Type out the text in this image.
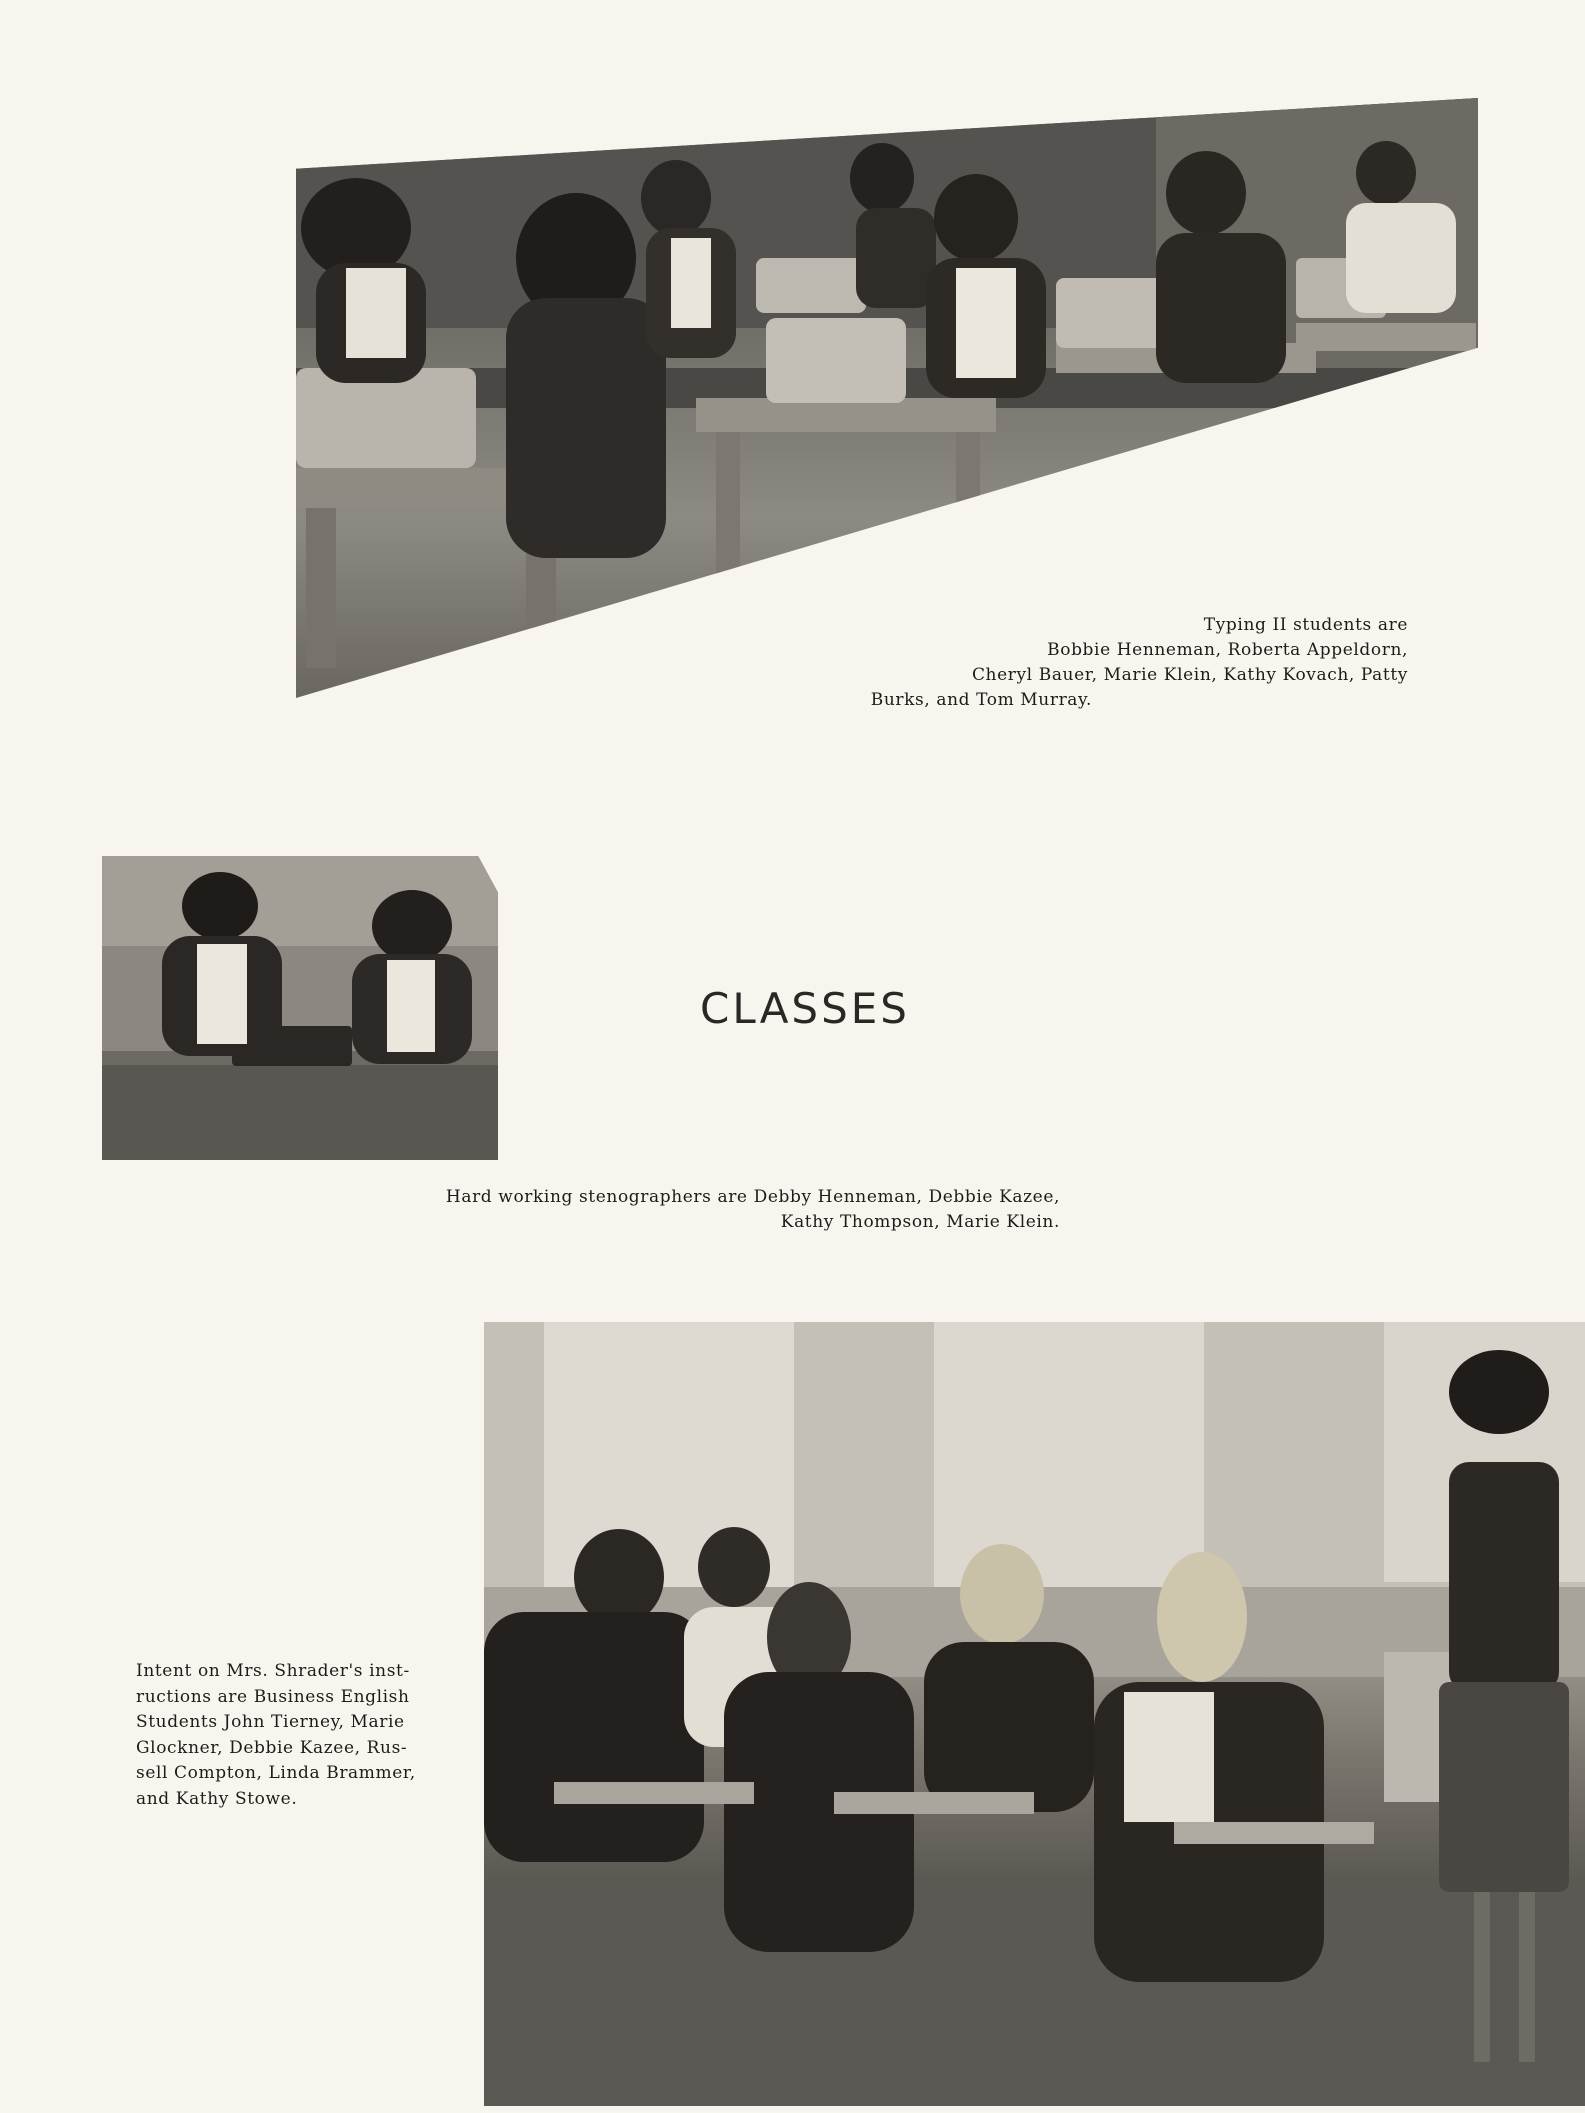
Typing II students are
Bobbie Henneman, Roberta Appeldorn,
Cheryl Bauer, Marie Klein, Kathy Kovach, Patty
Burks, and Tom Murray.

CLASSES

Hard working stenographers are Debby Henneman, Debbie Kazee,
Kathy Thompson, Marie Klein.

Intent on Mrs. Shrader's inst-
ructions are Business English
Students John Tierney, Marie
Glockner, Debbie Kazee, Rus-
sell Compton, Linda Brammer,
and Kathy Stowe.
